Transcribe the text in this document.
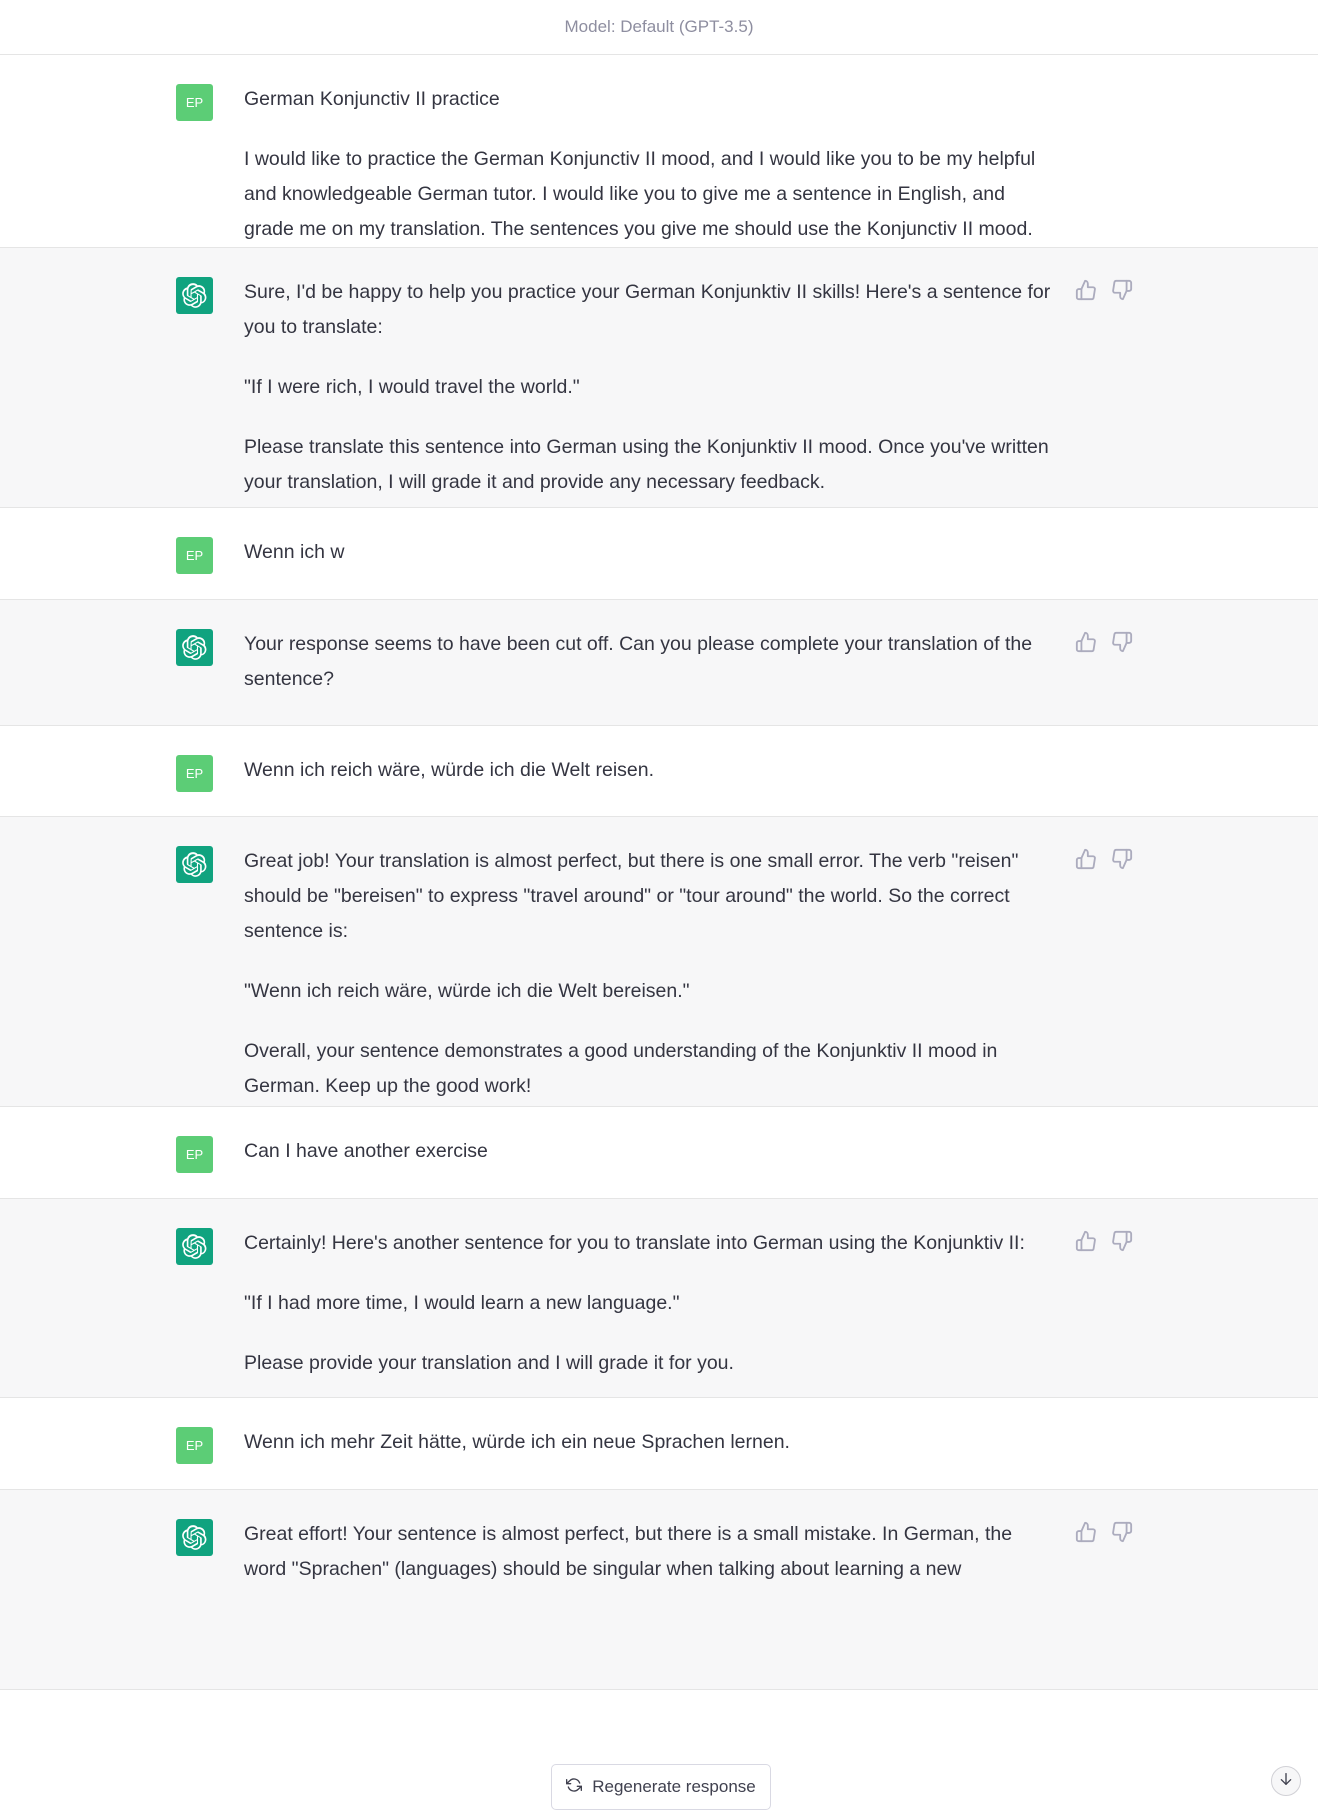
Model: Default (GPT-3.5)
EP	German Konjunctiv II practice

I would like to practice the German Konjunctiv II mood, and I would like you to be my helpful and knowledgeable German tutor. I would like you to give me a sentence in English, and grade me on my translation. The sentences you give me should use the Konjunctiv II mood.

Sure, I'd be happy to help you practice your German Konjunktiv II skills! Here's a sentence for you to translate:

"If I were rich, I would travel the world."

Please translate this sentence into German using the Konjunktiv II mood. Once you've written your translation, I will grade it and provide any necessary feedback.

EP	Wenn ich w

Your response seems to have been cut off. Can you please complete your translation of the sentence?

EP	Wenn ich reich wäre, würde ich die Welt reisen.

Great job! Your translation is almost perfect, but there is one small error. The verb "reisen" should be "bereisen" to express "travel around" or "tour around" the world. So the correct sentence is:

"Wenn ich reich wäre, würde ich die Welt bereisen."

Overall, your sentence demonstrates a good understanding of the Konjunktiv II mood in German. Keep up the good work!

EP	Can I have another exercise

Certainly! Here's another sentence for you to translate into German using the Konjunktiv II:

"If I had more time, I would learn a new language."

Please provide your translation and I will grade it for you.

EP	Wenn ich mehr Zeit hätte, würde ich ein neue Sprachen lernen.

Great effort! Your sentence is almost perfect, but there is a small mistake. In German, the word "Sprachen" (languages) should be singular when talking about learning a new

Regenerate response
